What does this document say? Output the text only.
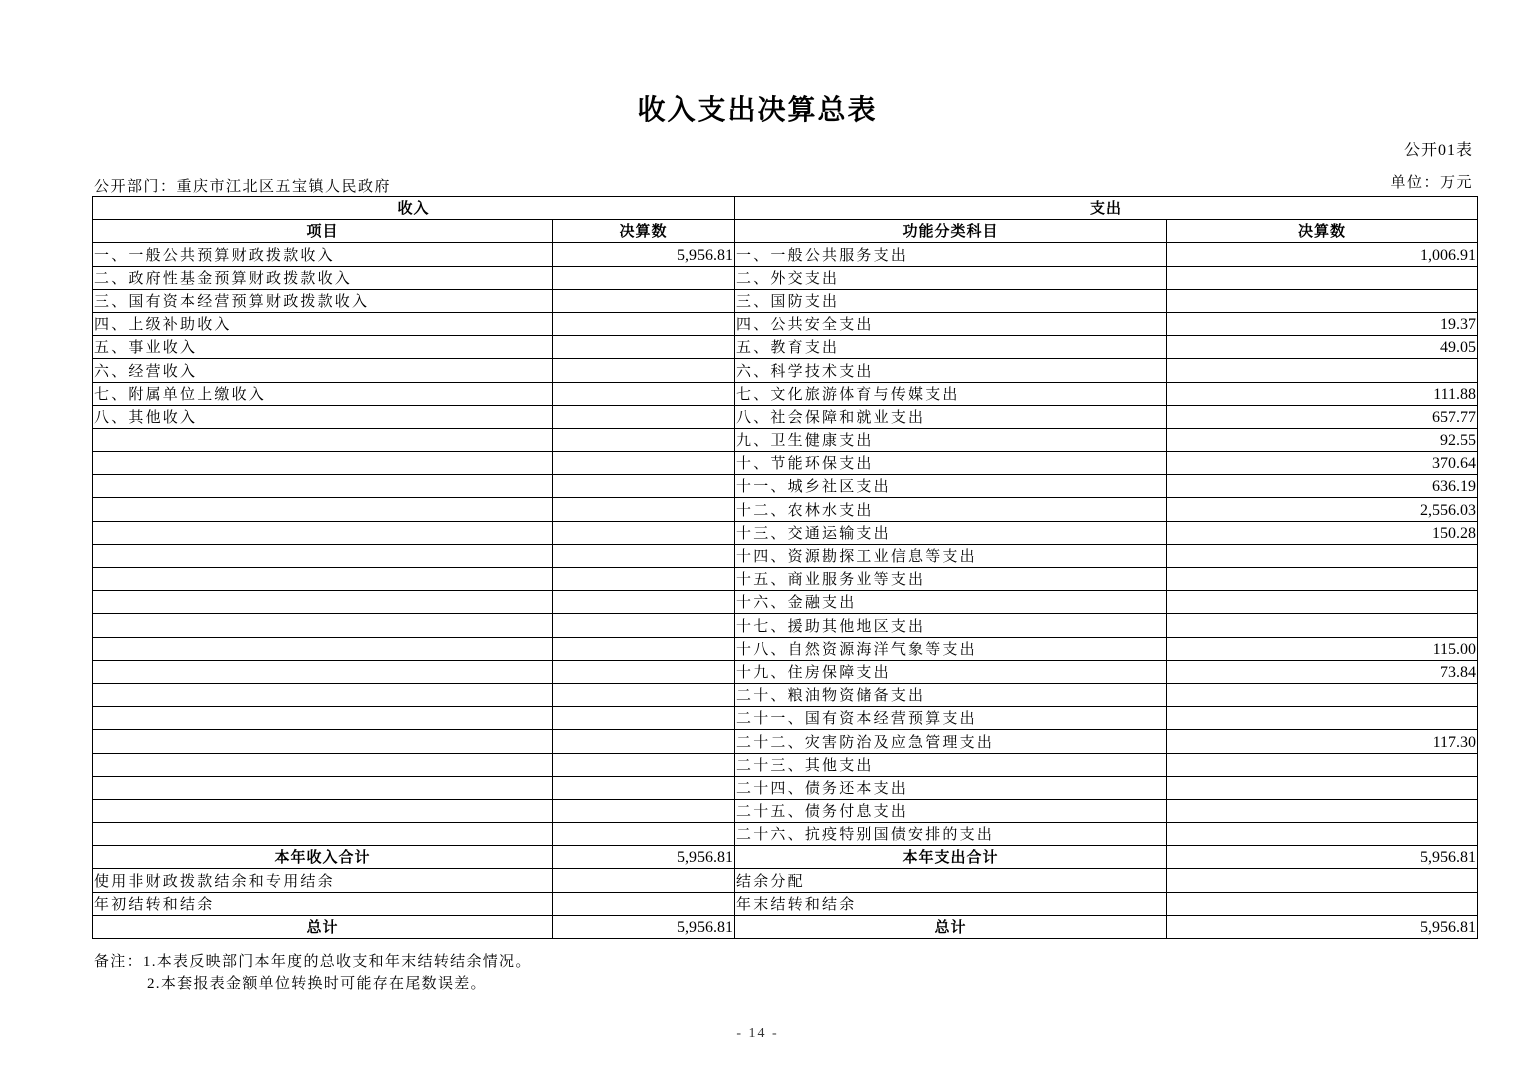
收入支出决算总表
公开01表
公开部门：重庆市江北区五宝镇人民政府	单位：万元
收入		支出	
项目	决算数	功能分类科目	决算数
一、一般公共预算财政拨款收入	5,956.81	一、一般公共服务支出	1,006.91
二、政府性基金预算财政拨款收入		二、外交支出	
三、国有资本经营预算财政拨款收入		三、国防支出	
四、上级补助收入		四、公共安全支出	19.37
五、事业收入		五、教育支出	49.05
六、经营收入		六、科学技术支出	
七、附属单位上缴收入		七、文化旅游体育与传媒支出	111.88
八、其他收入		八、社会保障和就业支出	657.77
		九、卫生健康支出	92.55
		十、节能环保支出	370.64
		十一、城乡社区支出	636.19
		十二、农林水支出	2,556.03
		十三、交通运输支出	150.28
		十四、资源勘探工业信息等支出	
		十五、商业服务业等支出	
		十六、金融支出	
		十七、援助其他地区支出	
		十八、自然资源海洋气象等支出	115.00
		十九、住房保障支出	73.84
		二十、粮油物资储备支出	
		二十一、国有资本经营预算支出	
		二十二、灾害防治及应急管理支出	117.30
		二十三、其他支出	
		二十四、债务还本支出	
		二十五、债务付息支出	
		二十六、抗疫特别国债安排的支出	
本年收入合计	5,956.81	本年支出合计	5,956.81
使用非财政拨款结余和专用结余		结余分配	
年初结转和结余		年末结转和结余	
总计	5,956.81	总计	5,956.81
备注：1.本表反映部门本年度的总收支和年末结转结余情况。
2.本套报表金额单位转换时可能存在尾数误差。
- 14 -
